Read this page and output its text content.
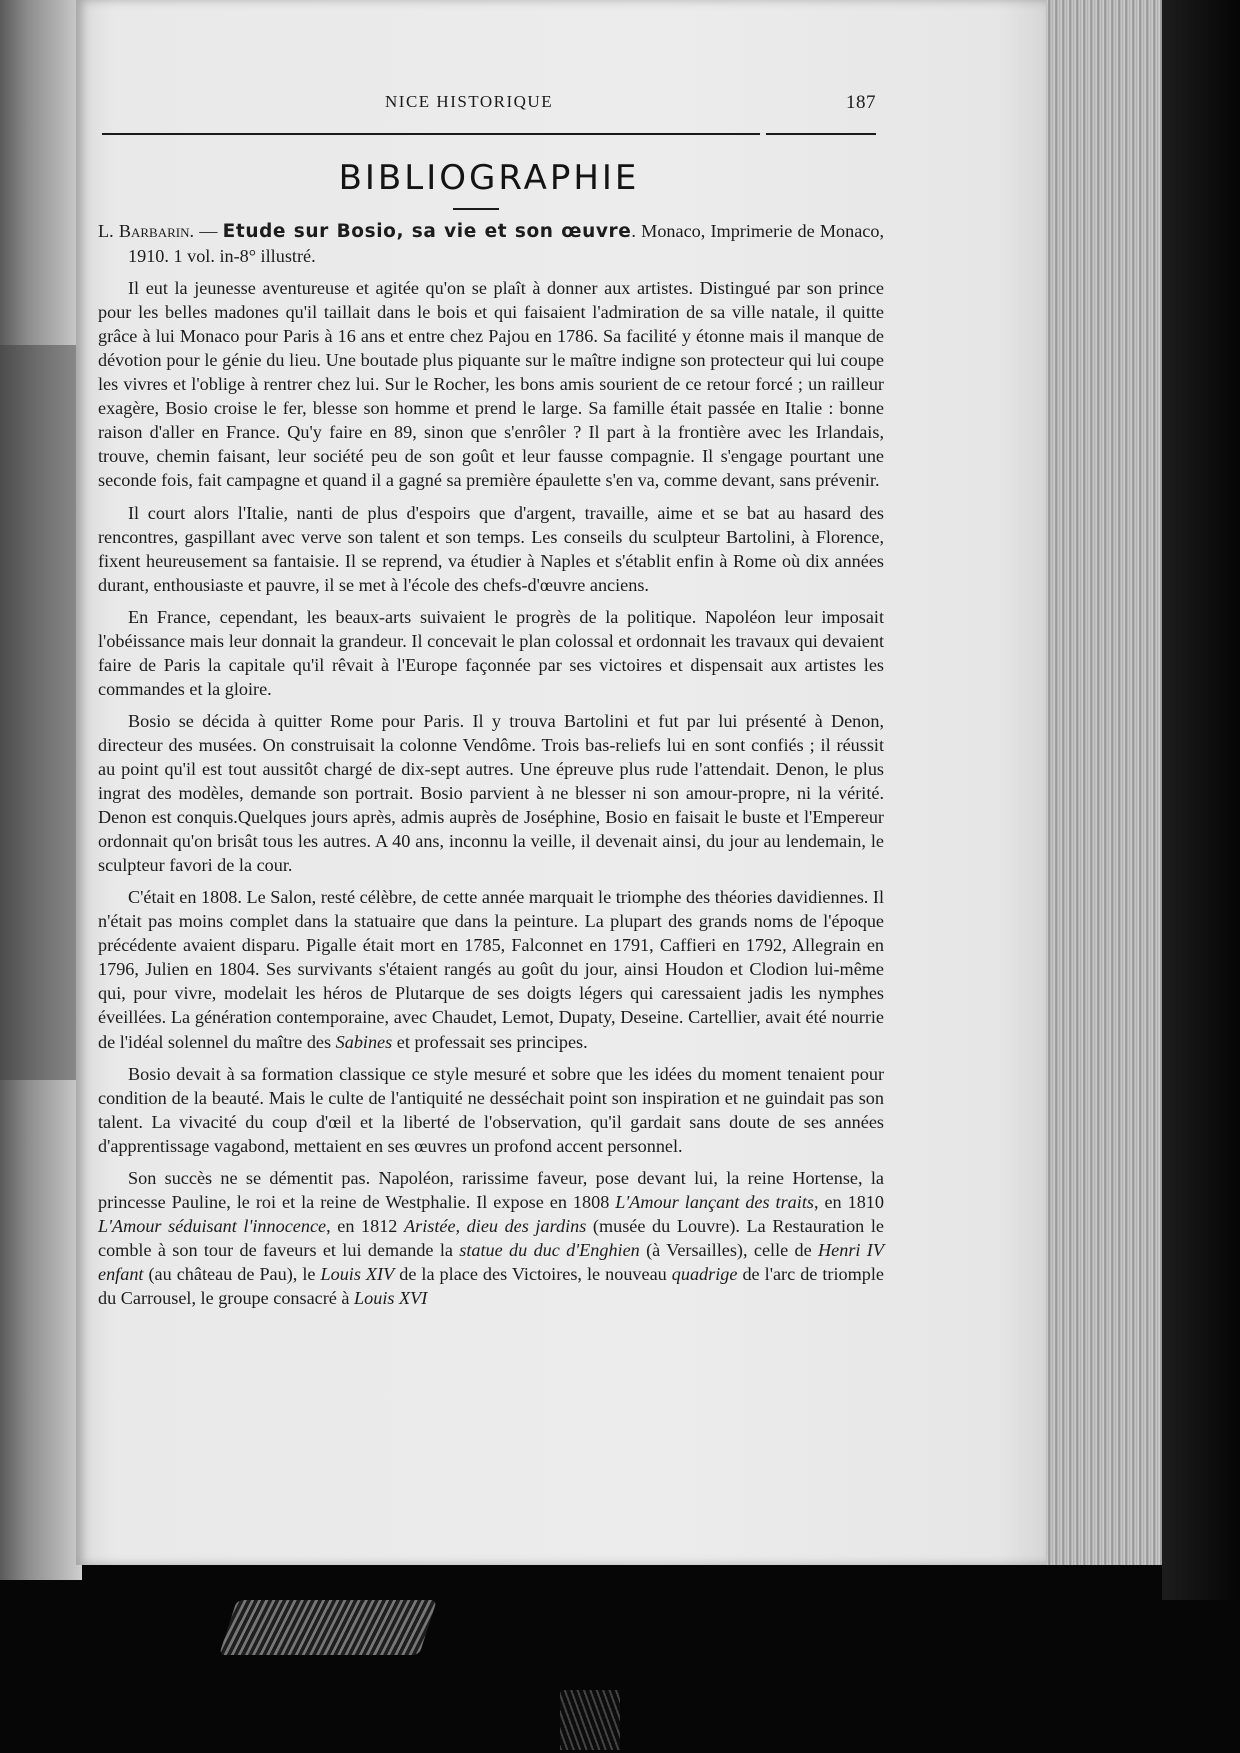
NICE HISTORIQUE	187
BIBLIOGRAPHIE

L. Barbarin. — Etude sur Bosio, sa vie et son œuvre. Monaco, Imprimerie de Monaco, 1910. 1 vol. in-8° illustré.

Il eut la jeunesse aventureuse et agitée qu'on se plaît à donner aux artistes. Distingué par son prince pour les belles madones qu'il taillait dans le bois et qui faisaient l'admiration de sa ville natale, il quitte grâce à lui Monaco pour Paris à 16 ans et entre chez Pajou en 1786. Sa facilité y étonne mais il manque de dévotion pour le génie du lieu. Une boutade plus piquante sur le maître indigne son protecteur qui lui coupe les vivres et l'oblige à rentrer chez lui. Sur le Rocher, les bons amis sourient de ce retour forcé ; un railleur exagère, Bosio croise le fer, blesse son homme et prend le large. Sa famille était passée en Italie : bonne raison d'aller en France. Qu'y faire en 89, sinon que s'enrôler ? Il part à la frontière avec les Irlandais, trouve, chemin faisant, leur société peu de son goût et leur fausse compagnie. Il s'engage pourtant une seconde fois, fait campagne et quand il a gagné sa première épaulette s'en va, comme devant, sans prévenir.

Il court alors l'Italie, nanti de plus d'espoirs que d'argent, travaille, aime et se bat au hasard des rencontres, gaspillant avec verve son talent et son temps. Les conseils du sculpteur Bartolini, à Florence, fixent heureusement sa fantaisie. Il se reprend, va étudier à Naples et s'établit enfin à Rome où dix années durant, enthousiaste et pauvre, il se met à l'école des chefs-d'œuvre anciens.

En France, cependant, les beaux-arts suivaient le progrès de la politique. Napoléon leur imposait l'obéissance mais leur donnait la grandeur. Il concevait le plan colossal et ordonnait les travaux qui devaient faire de Paris la capitale qu'il rêvait à l'Europe façonnée par ses victoires et dispensait aux artistes les commandes et la gloire.

Bosio se décida à quitter Rome pour Paris. Il y trouva Bartolini et fut par lui présenté à Denon, directeur des musées. On construisait la colonne Vendôme. Trois bas-reliefs lui en sont confiés ; il réussit au point qu'il est tout aussitôt chargé de dix-sept autres. Une épreuve plus rude l'attendait. Denon, le plus ingrat des modèles, demande son portrait. Bosio parvient à ne blesser ni son amour-propre, ni la vérité. Denon est conquis.Quelques jours après, admis auprès de Joséphine, Bosio en faisait le buste et l'Empereur ordonnait qu'on brisât tous les autres. A 40 ans, inconnu la veille, il devenait ainsi, du jour au lendemain, le sculpteur favori de la cour.

C'était en 1808. Le Salon, resté célèbre, de cette année marquait le triomphe des théories davidiennes. Il n'était pas moins complet dans la statuaire que dans la peinture. La plupart des grands noms de l'époque précédente avaient disparu. Pigalle était mort en 1785, Falconnet en 1791, Caffieri en 1792, Allegrain en 1796, Julien en 1804. Ses survivants s'étaient rangés au goût du jour, ainsi Houdon et Clodion lui-même qui, pour vivre, modelait les héros de Plutarque de ses doigts légers qui caressaient jadis les nymphes éveillées. La génération contemporaine, avec Chaudet, Lemot, Dupaty, Deseine. Cartellier, avait été nourrie de l'idéal solennel du maître des Sabines et professait ses principes.

Bosio devait à sa formation classique ce style mesuré et sobre que les idées du moment tenaient pour condition de la beauté. Mais le culte de l'antiquité ne desséchait point son inspiration et ne guindait pas son talent. La vivacité du coup d'œil et la liberté de l'observation, qu'il gardait sans doute de ses années d'apprentissage vagabond, mettaient en ses œuvres un profond accent personnel.

Son succès ne se démentit pas. Napoléon, rarissime faveur, pose devant lui, la reine Hortense, la princesse Pauline, le roi et la reine de Westphalie. Il expose en 1808 L'Amour lançant des traits, en 1810 L'Amour séduisant l'innocence, en 1812 Aristée, dieu des jardins (musée du Louvre). La Restauration le comble à son tour de faveurs et lui demande la statue du duc d'Enghien (à Versailles), celle de Henri IV enfant (au château de Pau), le Louis XIV de la place des Victoires, le nouveau quadrige de l'arc de triomple du Carrousel, le groupe consacré à Louis XVI
